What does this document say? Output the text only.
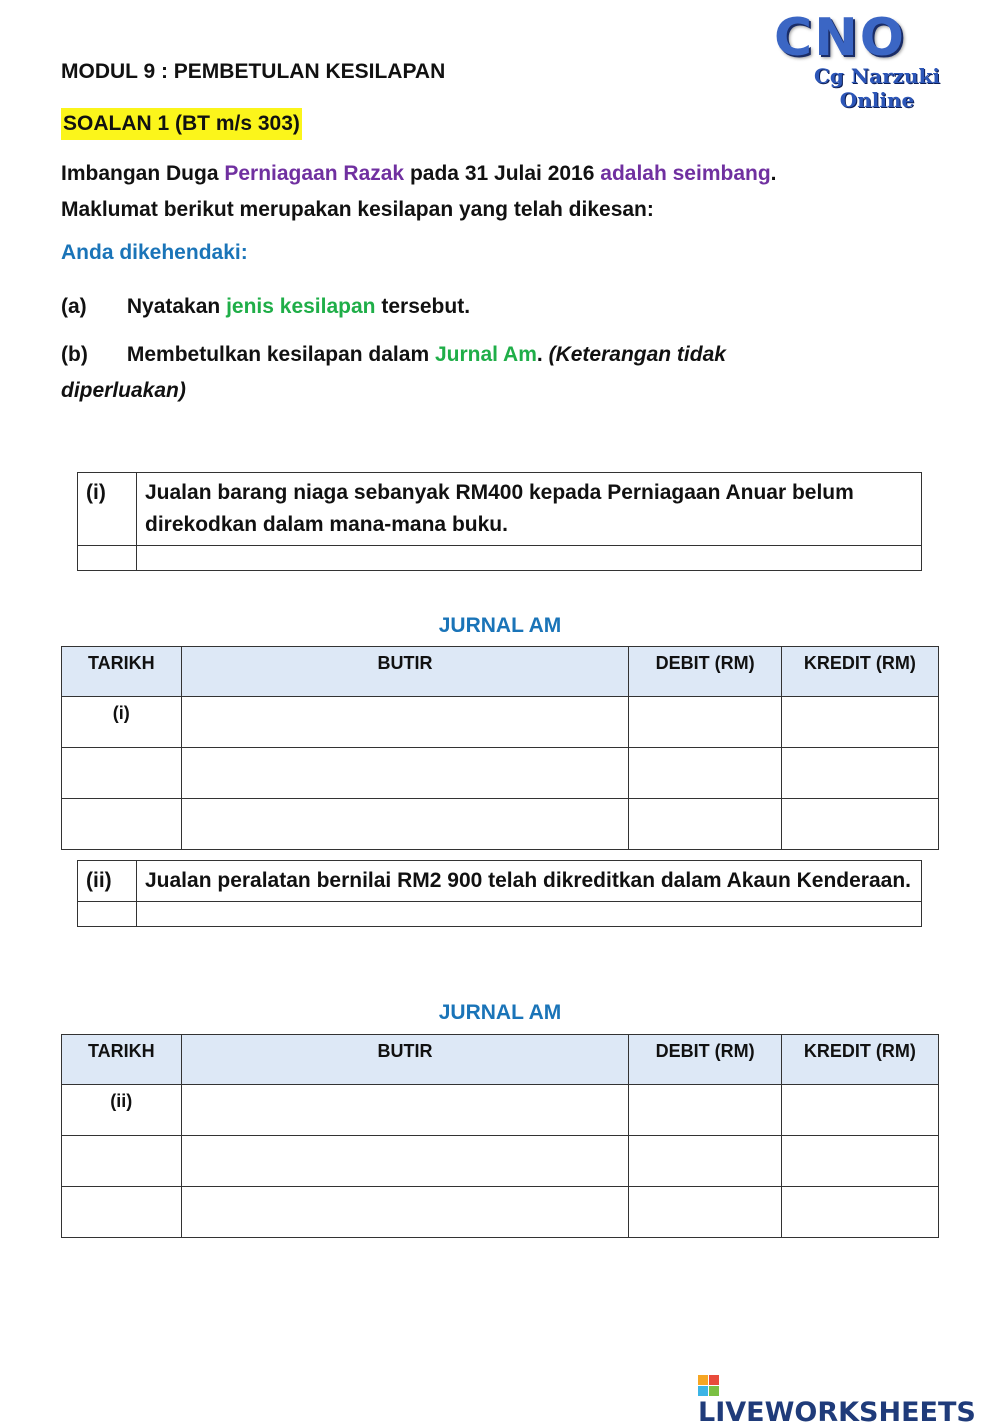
CNO
Cg Narzuki Online
MODUL 9 : PEMBETULAN KESILAPAN
SOALAN 1 (BT m/s 303)
Imbangan Duga Perniagaan Razak pada 31 Julai 2016 adalah seimbang.
Maklumat berikut merupakan kesilapan yang telah dikesan:
Anda dikehendaki:
(a) Nyatakan jenis kesilapan tersebut.
(b) Membetulkan kesilapan dalam Jurnal Am. (Keterangan tidak
diperluakan)
(i)	Jualan barang niaga sebanyak RM400 kepada Perniagaan Anuar belum direkodkan dalam mana-mana buku.

JURNAL AM
TARIKH	BUTIR	DEBIT (RM)	KREDIT (RM)
(i)			

(ii)	Jualan peralatan bernilai RM2 900 telah dikreditkan dalam Akaun Kenderaan.

JURNAL AM
TARIKH	BUTIR	DEBIT (RM)	KREDIT (RM)
(ii)			

LIVEWORKSHEETS
